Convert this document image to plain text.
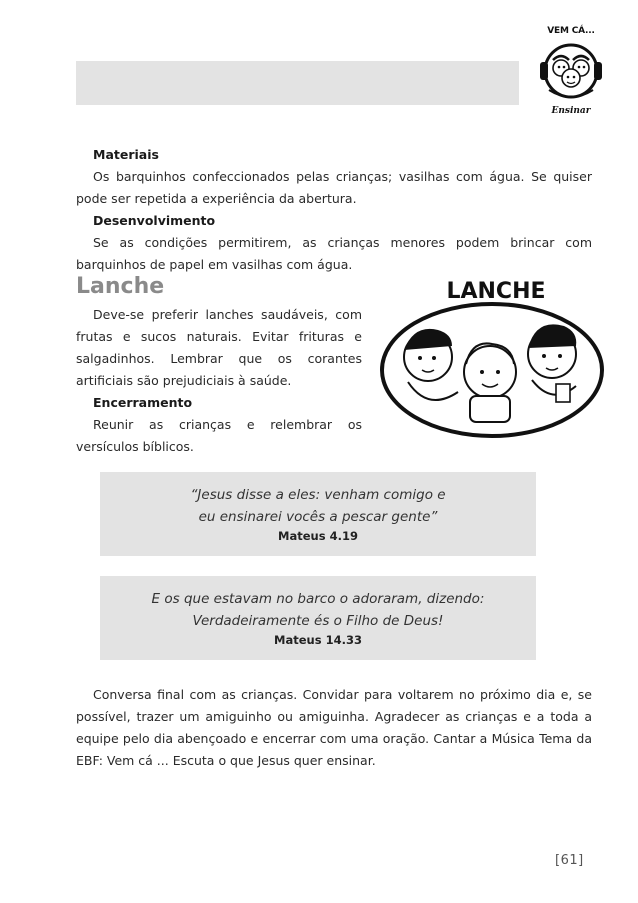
VEM CÁ...
Ensinar
Materiais

Os barquinhos confeccionados pelas crianças; vasilhas com água. Se quiser pode ser repetida a experiência da abertura.

Desenvolvimento

Se as condições permitirem, as crianças menores podem brincar com barquinhos de papel em vasilhas com água.

Lanche

Deve-se preferir lanches saudáveis, com frutas e sucos naturais. Evitar frituras e salgadinhos. Lembrar que os corantes artificiais são prejudiciais à saúde.

Encerramento

Reunir as crianças e relembrar os versículos bíblicos.

LANCHE
“Jesus disse a eles: venham comigo e
eu ensinarei vocês a pescar gente”
Mateus 4.19
E os que estavam no barco o adoraram, dizendo:
Verdadeiramente és o Filho de Deus!
Mateus 14.33

Conversa final com as crianças. Convidar para voltarem no próximo dia e, se possível, trazer um amiguinho ou amiguinha. Agradecer as crianças e a toda a equipe pelo dia abençoado e encerrar com uma oração. Cantar a Música Tema da EBF: Vem cá ... Escuta o que Jesus quer ensinar.

[61]
